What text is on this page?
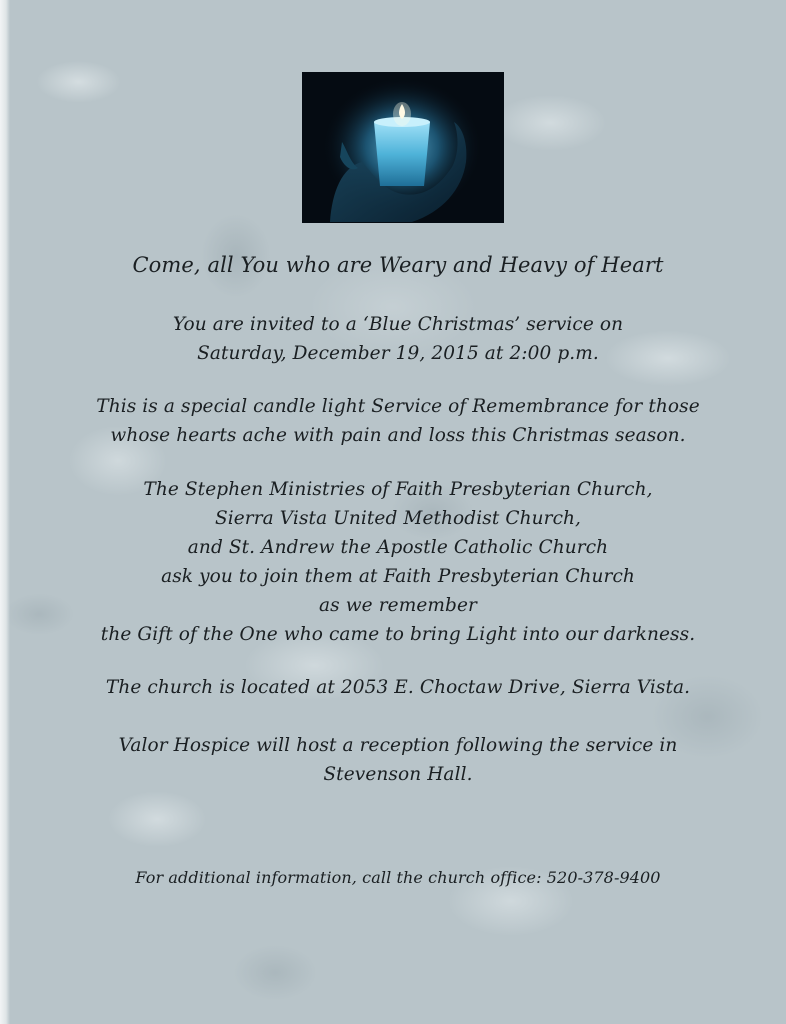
Come, all You who are Weary and Heavy of Heart
You are invited to a ‘Blue Christmas’ service on
Saturday, December 19, 2015 at 2:00 p.m.
This is a special candle light Service of Remembrance for those
whose hearts ache with pain and loss this Christmas season.
The Stephen Ministries of Faith Presbyterian Church,
Sierra Vista United Methodist Church,
and St. Andrew the Apostle Catholic Church
ask you to join them at Faith Presbyterian Church
as we remember
the Gift of the One who came to bring Light into our darkness.
The church is located at 2053 E. Choctaw Drive, Sierra Vista.
Valor Hospice will host a reception following the service in
Stevenson Hall.
For additional information, call the church office: 520-378-9400
